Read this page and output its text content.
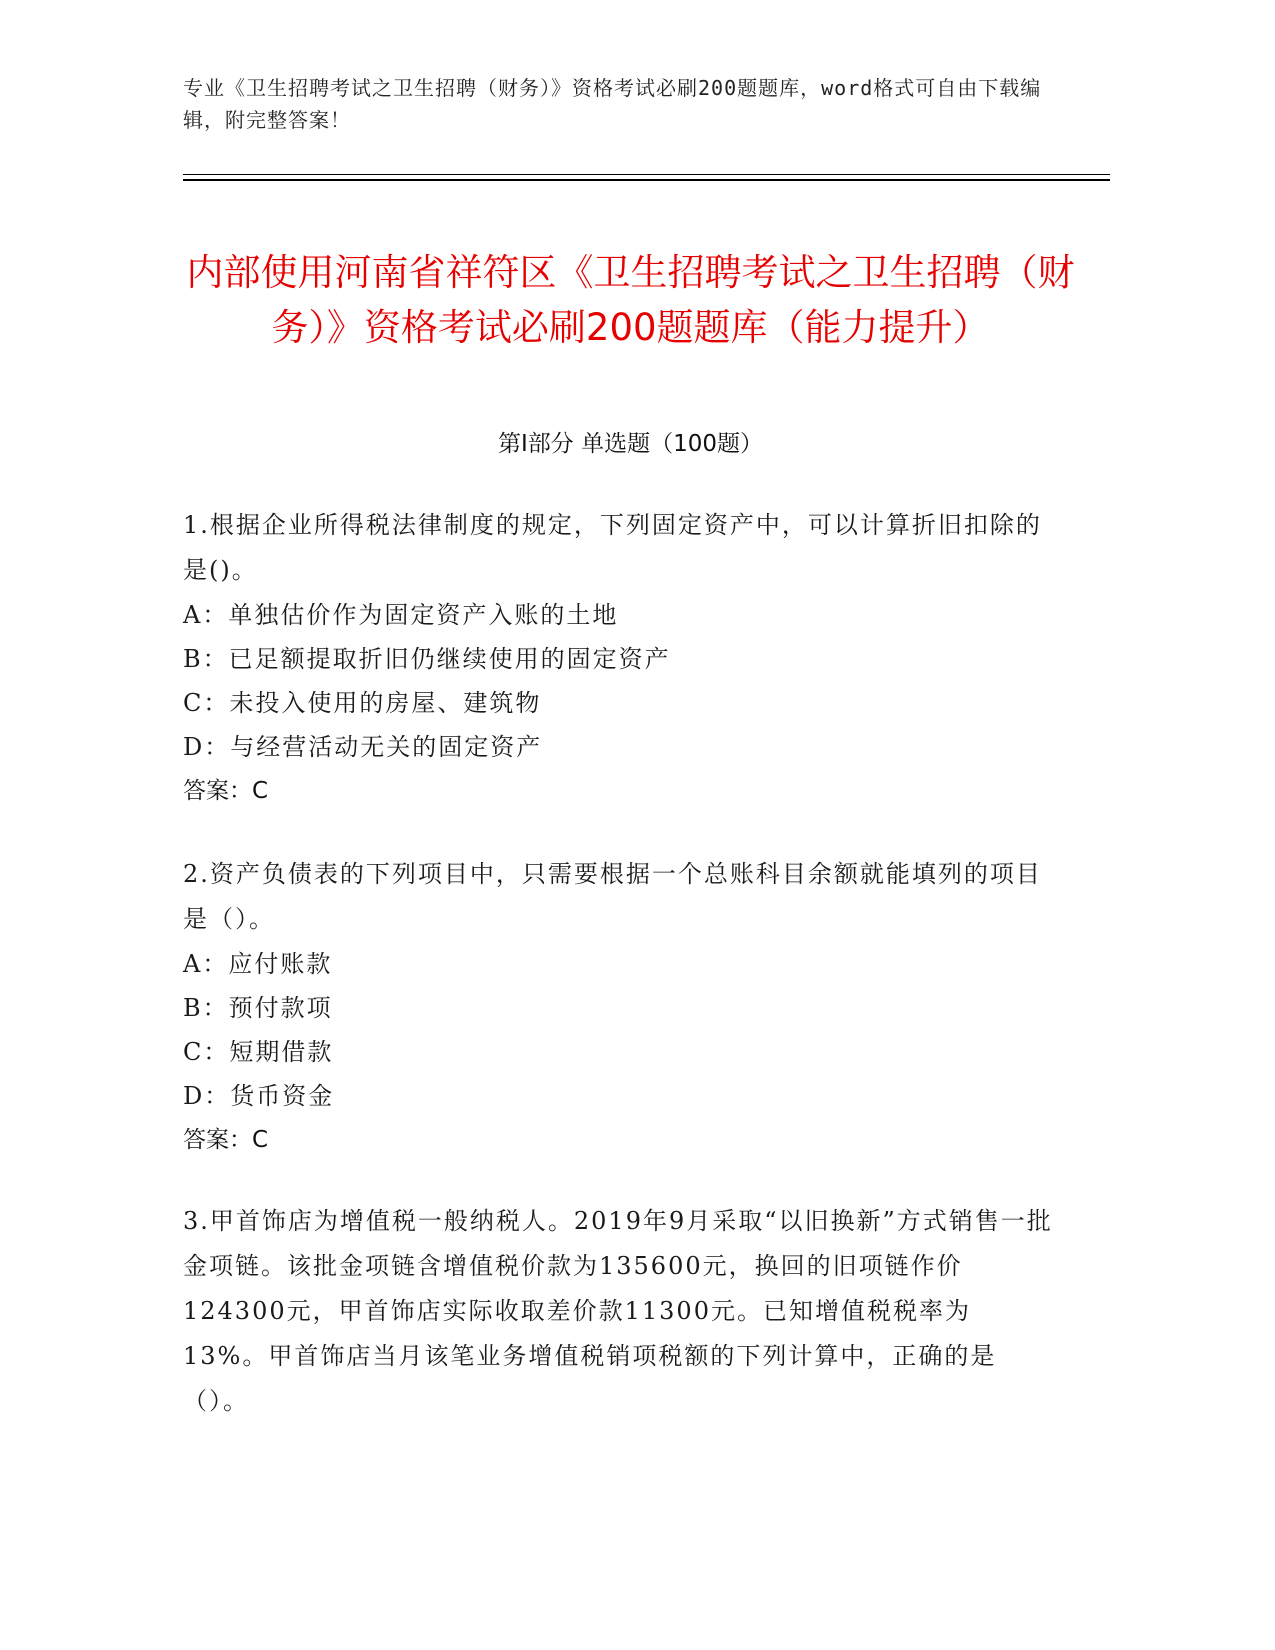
专业《卫生招聘考试之卫生招聘（财务）》资格考试必刷200题题库，word格式可自由下载编辑，附完整答案！
内部使用河南省祥符区《卫生招聘考试之卫生招聘（财务）》资格考试必刷200题题库（能力提升）
第I部分 单选题（100题）

1.根据企业所得税法律制度的规定，下列固定资产中，可以计算折旧扣除的是()。

A：单独估价作为固定资产入账的土地

B：已足额提取折旧仍继续使用的固定资产

C：未投入使用的房屋、建筑物

D：与经营活动无关的固定资产

答案：C

2.资产负债表的下列项目中，只需要根据一个总账科目余额就能填列的项目是（）。

A：应付账款

B：预付款项

C：短期借款

D：货币资金

答案：C

3.甲首饰店为增值税一般纳税人。2019年9月采取“以旧换新”方式销售一批金项链。该批金项链含增值税价款为135600元，换回的旧项链作价124300元，甲首饰店实际收取差价款11300元。已知增值税税率为13%。甲首饰店当月该笔业务增值税销项税额的下列计算中，正确的是（）。
